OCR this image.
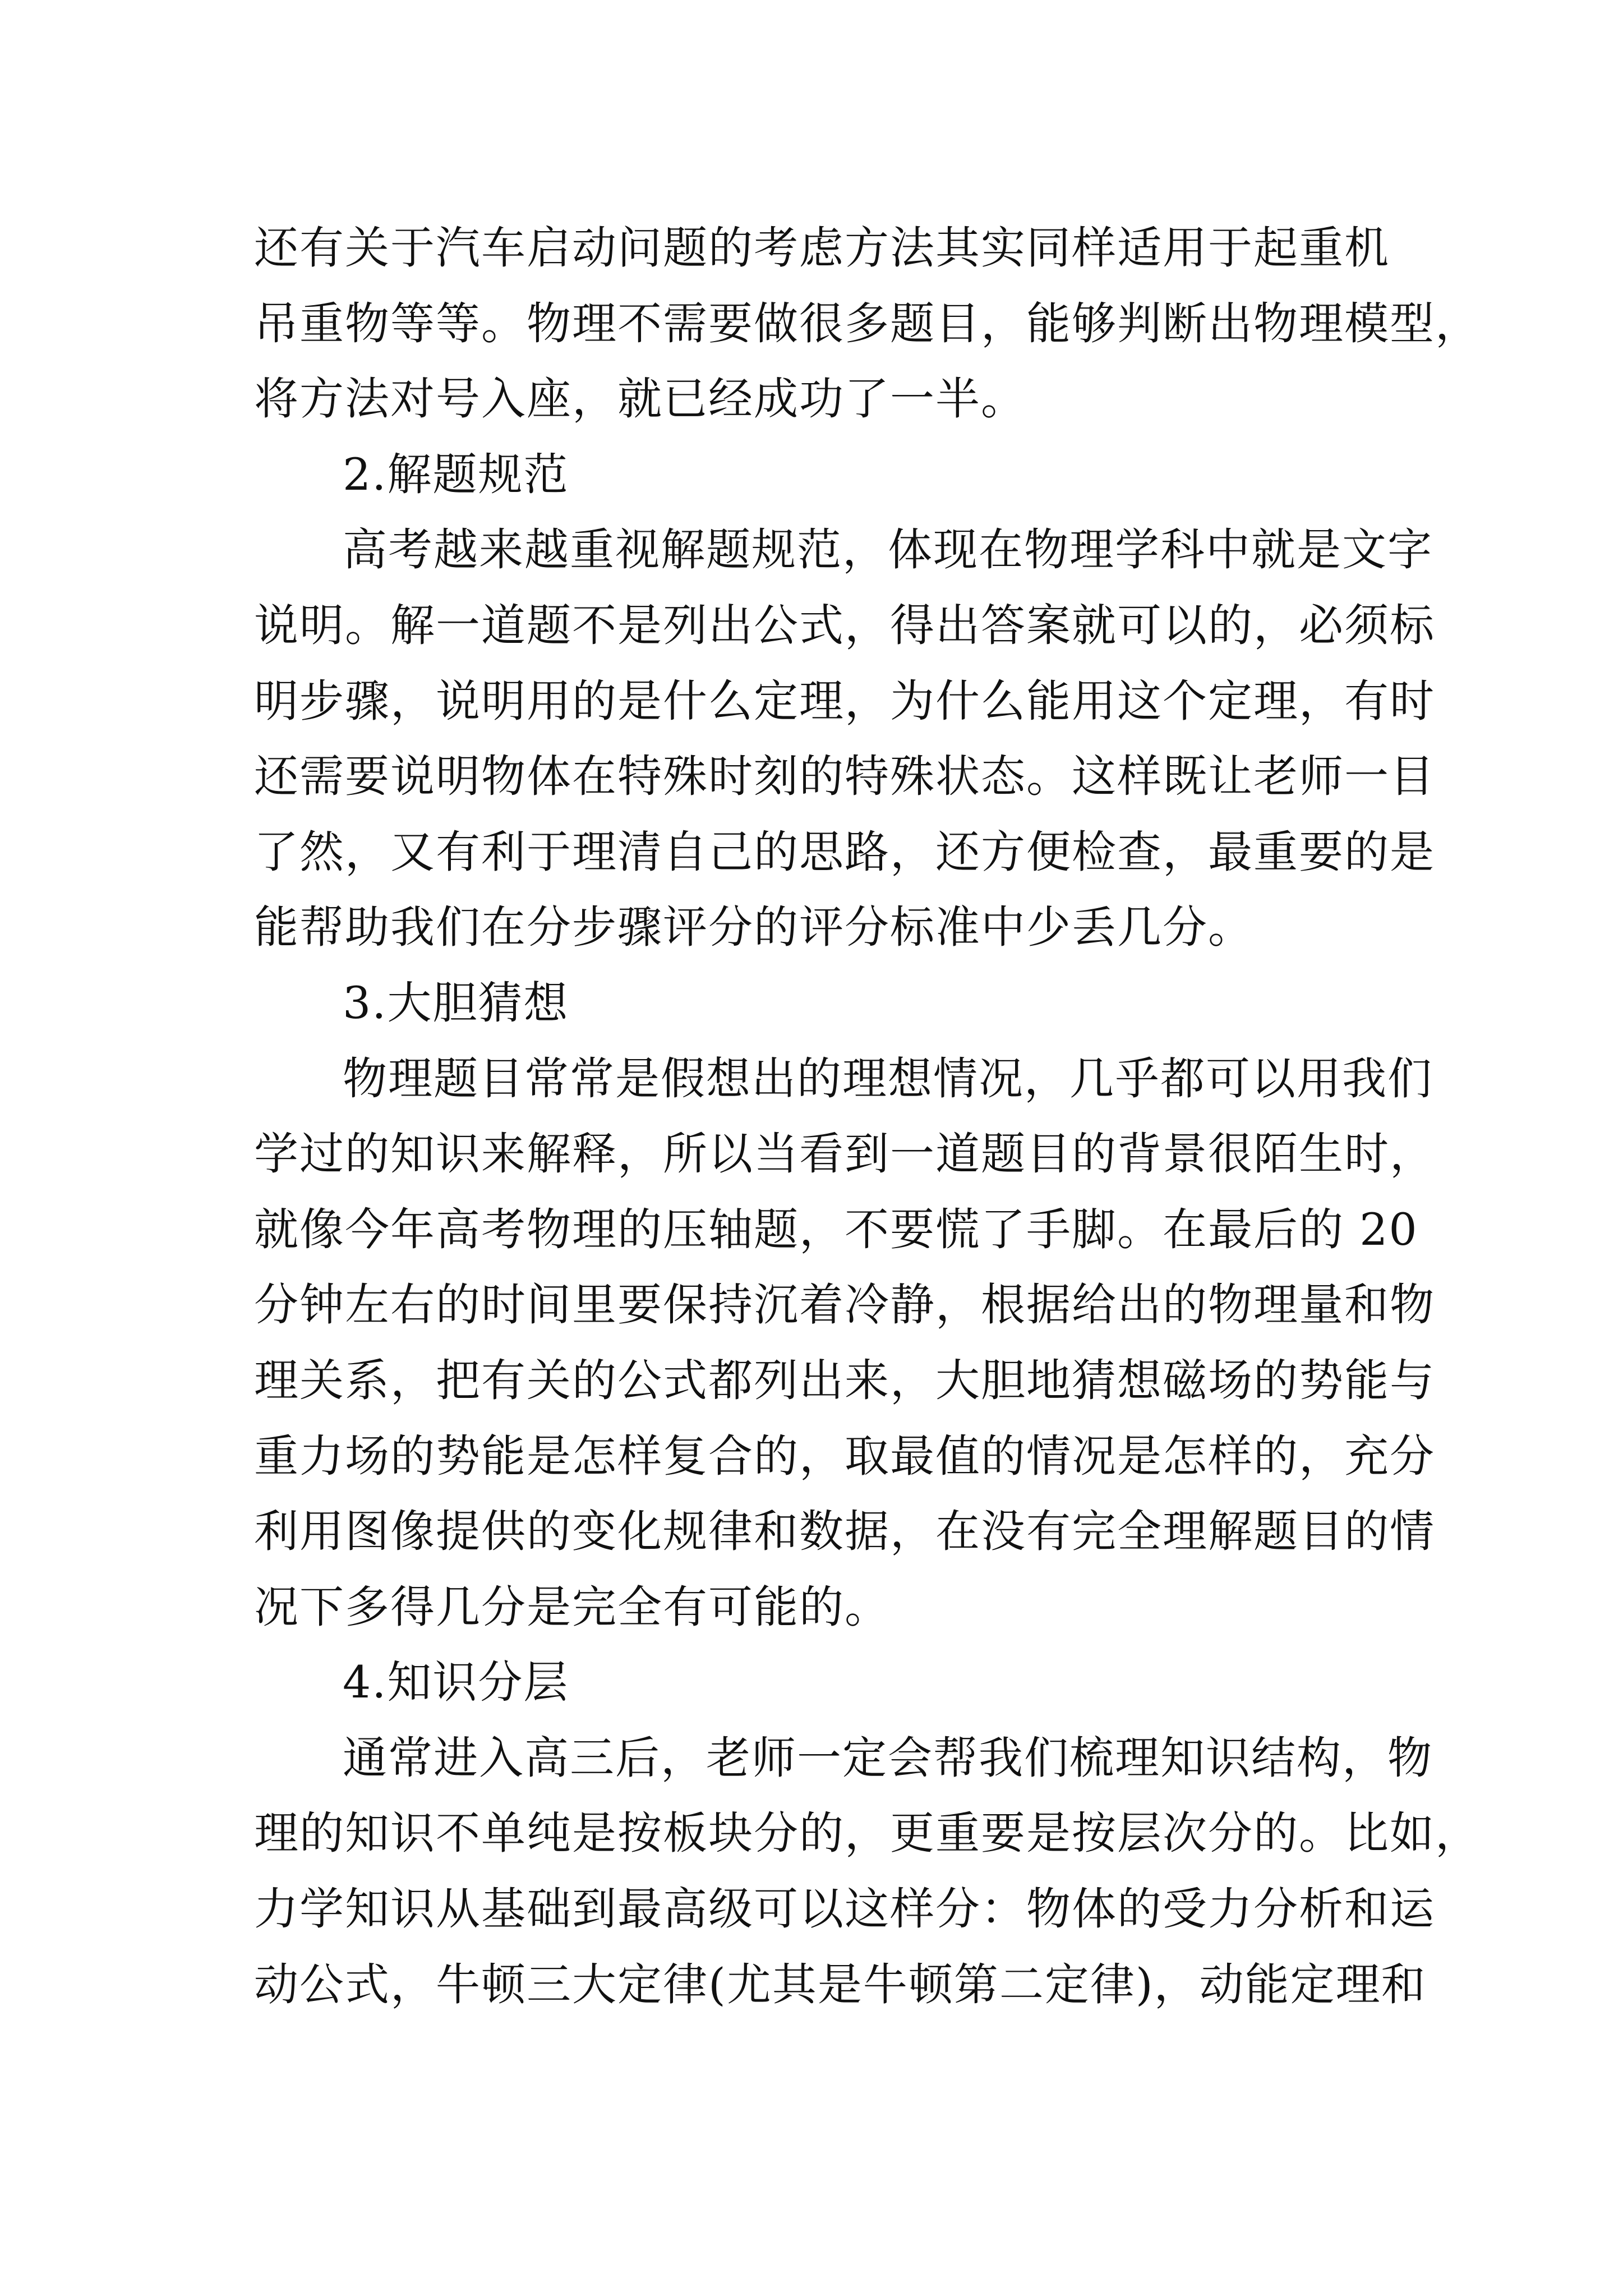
还有关于汽车启动问题的考虑方法其实同样适用于起重机
吊重物等等。物理不需要做很多题目，能够判断出物理模型，
将方法对号入座，就已经成功了一半。
2.解题规范
高考越来越重视解题规范，体现在物理学科中就是文字
说明。解一道题不是列出公式，得出答案就可以的，必须标
明步骤，说明用的是什么定理，为什么能用这个定理，有时
还需要说明物体在特殊时刻的特殊状态。这样既让老师一目
了然，又有利于理清自己的思路，还方便检查，最重要的是
能帮助我们在分步骤评分的评分标准中少丢几分。
3.大胆猜想
物理题目常常是假想出的理想情况，几乎都可以用我们
学过的知识来解释，所以当看到一道题目的背景很陌生时，
就像今年高考物理的压轴题，不要慌了手脚。在最后的 20
分钟左右的时间里要保持沉着冷静，根据给出的物理量和物
理关系，把有关的公式都列出来，大胆地猜想磁场的势能与
重力场的势能是怎样复合的，取最值的情况是怎样的，充分
利用图像提供的变化规律和数据，在没有完全理解题目的情
况下多得几分是完全有可能的。
4.知识分层
通常进入高三后，老师一定会帮我们梳理知识结构，物
理的知识不单纯是按板块分的，更重要是按层次分的。比如，
力学知识从基础到最高级可以这样分：物体的受力分析和运
动公式，牛顿三大定律(尤其是牛顿第二定律)，动能定理和
